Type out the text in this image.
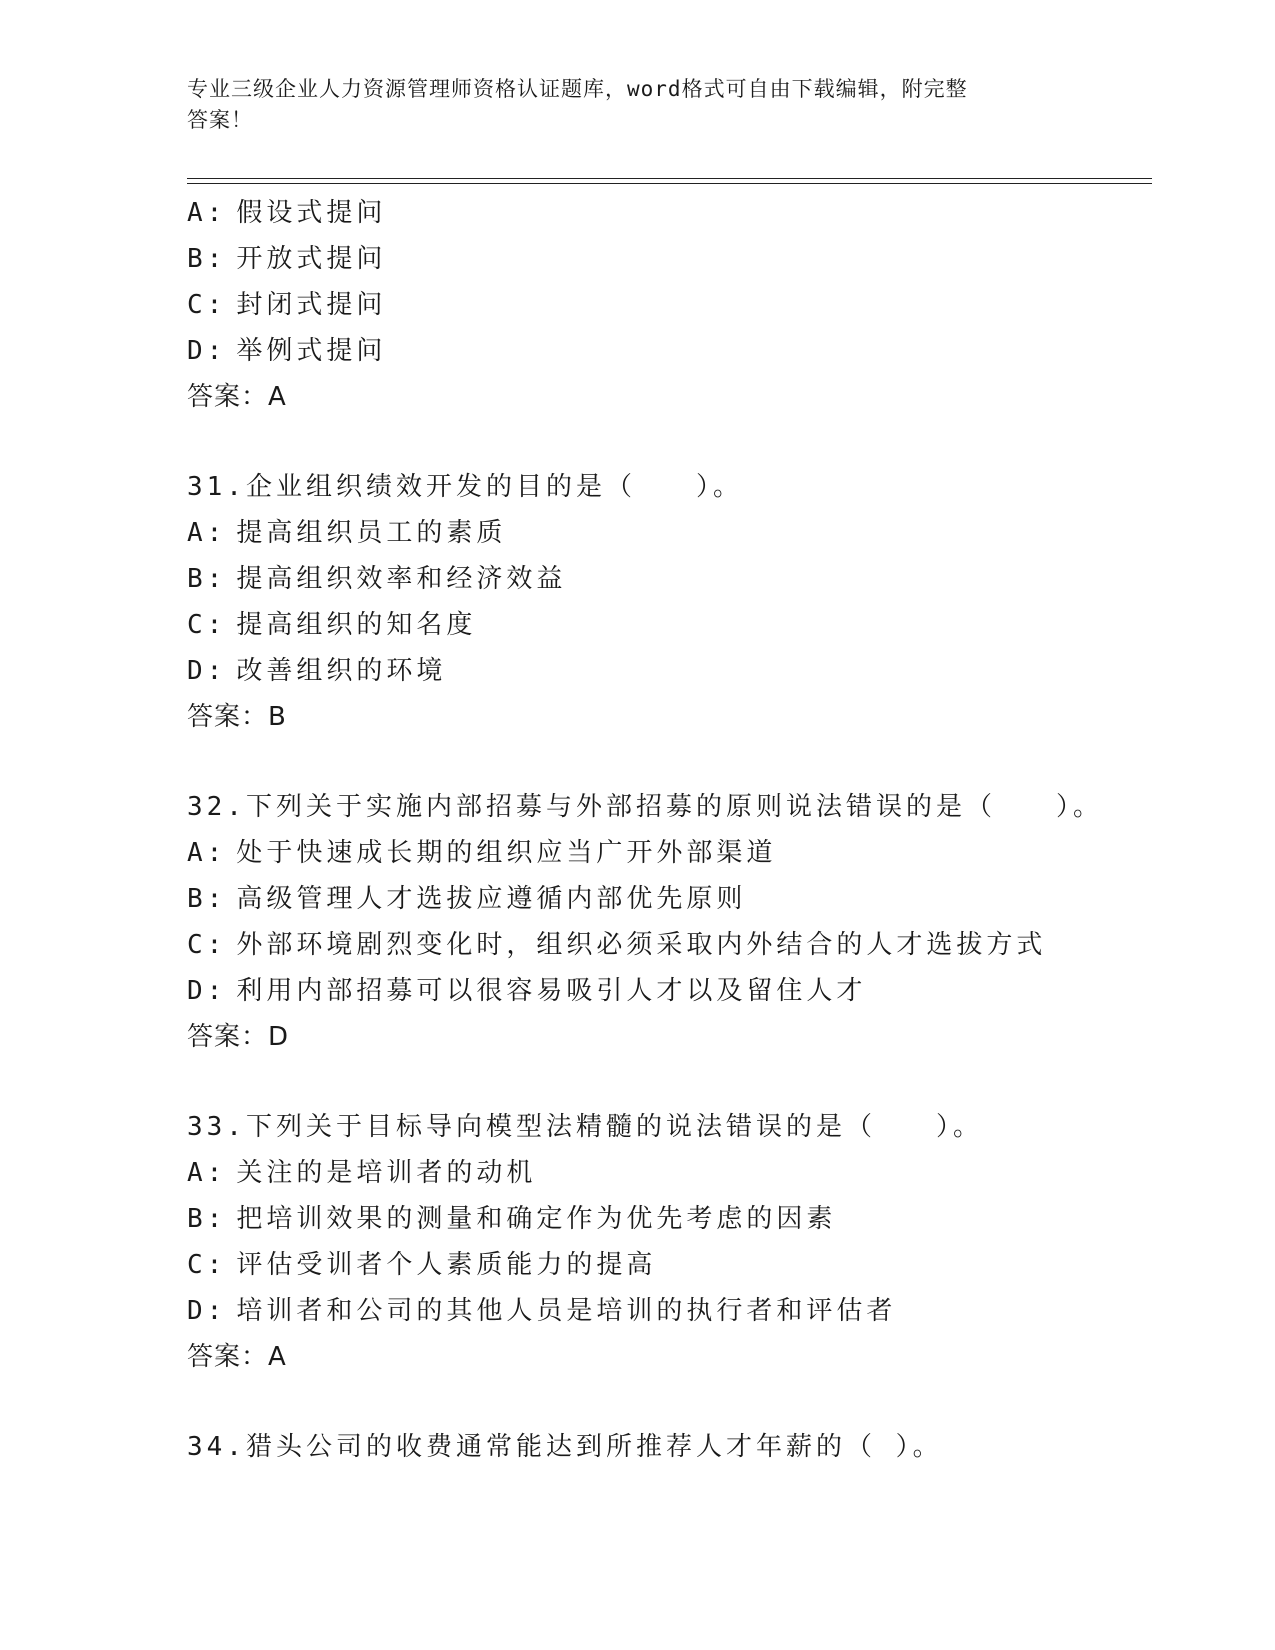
专业三级企业人力资源管理师资格认证题库，word格式可自由下载编辑，附完整
答案！
A: 假设式提问
B: 开放式提问
C: 封闭式提问
D: 举例式提问
答案：A
31.企业组织绩效开发的目的是（　　）。
A: 提高组织员工的素质
B: 提高组织效率和经济效益
C: 提高组织的知名度
D: 改善组织的环境
答案：B
32.下列关于实施内部招募与外部招募的原则说法错误的是（　　）。
A: 处于快速成长期的组织应当广开外部渠道
B: 高级管理人才选拔应遵循内部优先原则
C: 外部环境剧烈变化时，组织必须采取内外结合的人才选拔方式
D: 利用内部招募可以很容易吸引人才以及留住人才
答案：D
33.下列关于目标导向模型法精髓的说法错误的是（　　）。
A: 关注的是培训者的动机
B: 把培训效果的测量和确定作为优先考虑的因素
C: 评估受训者个人素质能力的提高
D: 培训者和公司的其他人员是培训的执行者和评估者
答案：A
34.猎头公司的收费通常能达到所推荐人才年薪的（ ）。
